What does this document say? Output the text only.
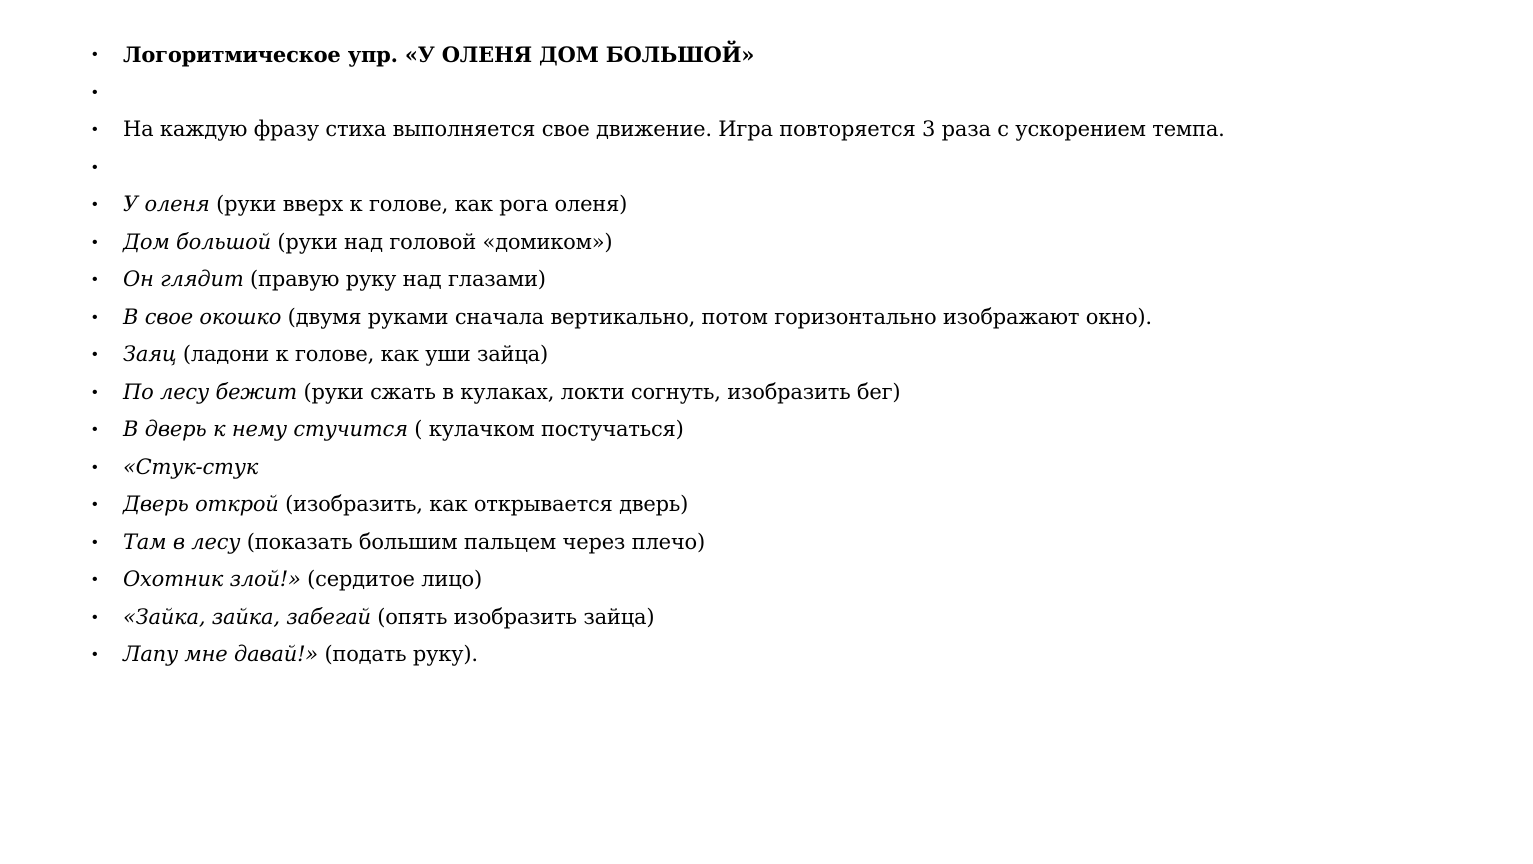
• Логоритмическое упр. «У ОЛЕНЯ ДОМ БОЛЬШОЙ»
•
• На каждую фразу стиха выполняется свое движение. Игра повторяется 3 раза с ускорением темпа.
•
• У оленя (руки вверх к голове, как рога оленя)
• Дом большой (руки над головой «домиком»)
• Он глядит (правую руку над глазами)
• В свое окошко (двумя руками сначала вертикально, потом горизонтально изображают окно).
• Заяц (ладони к голове, как уши зайца)
• По лесу бежит (руки сжать в кулаках, локти согнуть, изобразить бег)
• В дверь к нему стучится ( кулачком постучаться)
• «Стук-стук
• Дверь открой (изобразить, как открывается дверь)
• Там в лесу (показать большим пальцем через плечо)
• Охотник злой!» (сердитое лицо)
• «Зайка, зайка, забегай (опять изобразить зайца)
• Лапу мне давай!» (подать руку).
